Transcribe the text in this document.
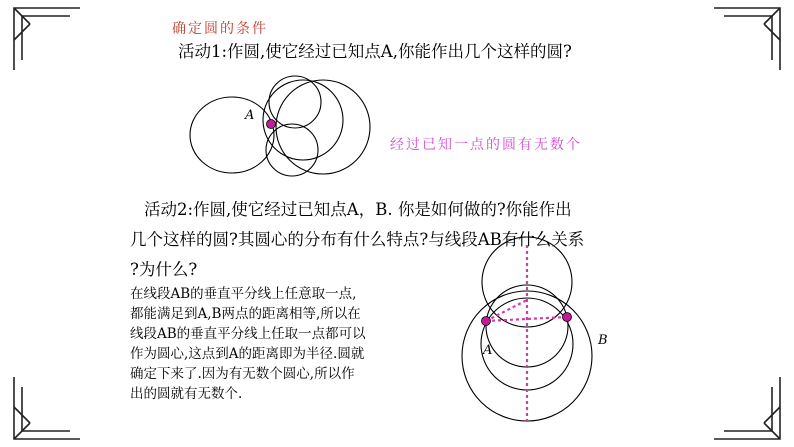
确定圆的条件
活动1:作圆,使它经过已知点A,你能作出几个这样的圆?
A
经过已知一点的圆有无数个
活动2:作圆,使它经过已知点A，B. 你是如何做的?你能作出
几个这样的圆?其圆心的分布有什么特点?与线段AB有什么关系
?为什么?
在线段AB的垂直平分线上任意取一点,
都能满足到A,B两点的距离相等,所以在
线段AB的垂直平分线上任取一点都可以
作为圆心,这点到A的距离即为半径.圆就
确定下来了.因为有无数个圆心,所以作
出的圆就有无数个.
A
B
